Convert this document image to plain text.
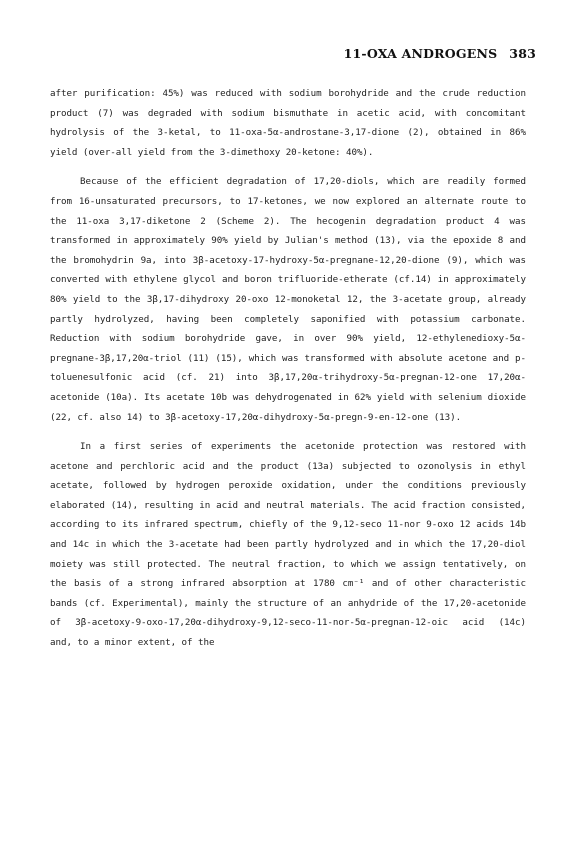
11-OXA ANDROGENS 383

after purification: 45%) was reduced with sodium borohydride and the crude reduction product (7) was degraded with sodium bismuthate in acetic acid, with concomitant hydrolysis of the 3-ketal, to 11-oxa-5α-androstane-3,17-dione (2), obtained in 86% yield (over-all yield from the 3-dimethoxy 20-ketone: 40%).

Because of the efficient degradation of 17,20-diols, which are readily formed from 16-unsaturated precursors, to 17-ketones, we now explored an alternate route to the 11-oxa 3,17-diketone 2 (Scheme 2). The hecogenin degradation product 4 was transformed in approximately 90% yield by Julian's method (13), via the epoxide 8 and the bromohydrin 9a, into 3β-acetoxy-17-hydroxy-5α-pregnane-12,20-dione (9), which was converted with ethylene glycol and boron trifluoride-etherate (cf.14) in approximately 80% yield to the 3β,17-dihydroxy 20-oxo 12-monoketal 12, the 3-acetate group, already partly hydrolyzed, having been completely saponified with potassium carbonate. Reduction with sodium borohydride gave, in over 90% yield, 12-ethylenedioxy-5α-pregnane-3β,17,20α-triol (11) (15), which was transformed with absolute acetone and p-toluenesulfonic acid (cf. 21) into 3β,17,20α-trihydroxy-5α-pregnan-12-one 17,20α-acetonide (10a). Its acetate 10b was dehydrogenated in 62% yield with selenium dioxide (22, cf. also 14) to 3β-acetoxy-17,20α-dihydroxy-5α-pregn-9-en-12-one (13).

In a first series of experiments the acetonide protection was restored with acetone and perchloric acid and the product (13a) subjected to ozonolysis in ethyl acetate, followed by hydrogen peroxide oxidation, under the conditions previously elaborated (14), resulting in acid and neutral materials. The acid fraction consisted, according to its infrared spectrum, chiefly of the 9,12-seco 11-nor 9-oxo 12 acids 14b and 14c in which the 3-acetate had been partly hydrolyzed and in which the 17,20-diol moiety was still protected. The neutral fraction, to which we assign tentatively, on the basis of a strong infrared absorption at 1780 cm⁻¹ and of other characteristic bands (cf. Experimental), mainly the structure of an anhydride of the 17,20-acetonide of 3β-acetoxy-9-oxo-17,20α-dihydroxy-9,12-seco-11-nor-5α-pregnan-12-oic acid (14c) and, to a minor extent, of the
